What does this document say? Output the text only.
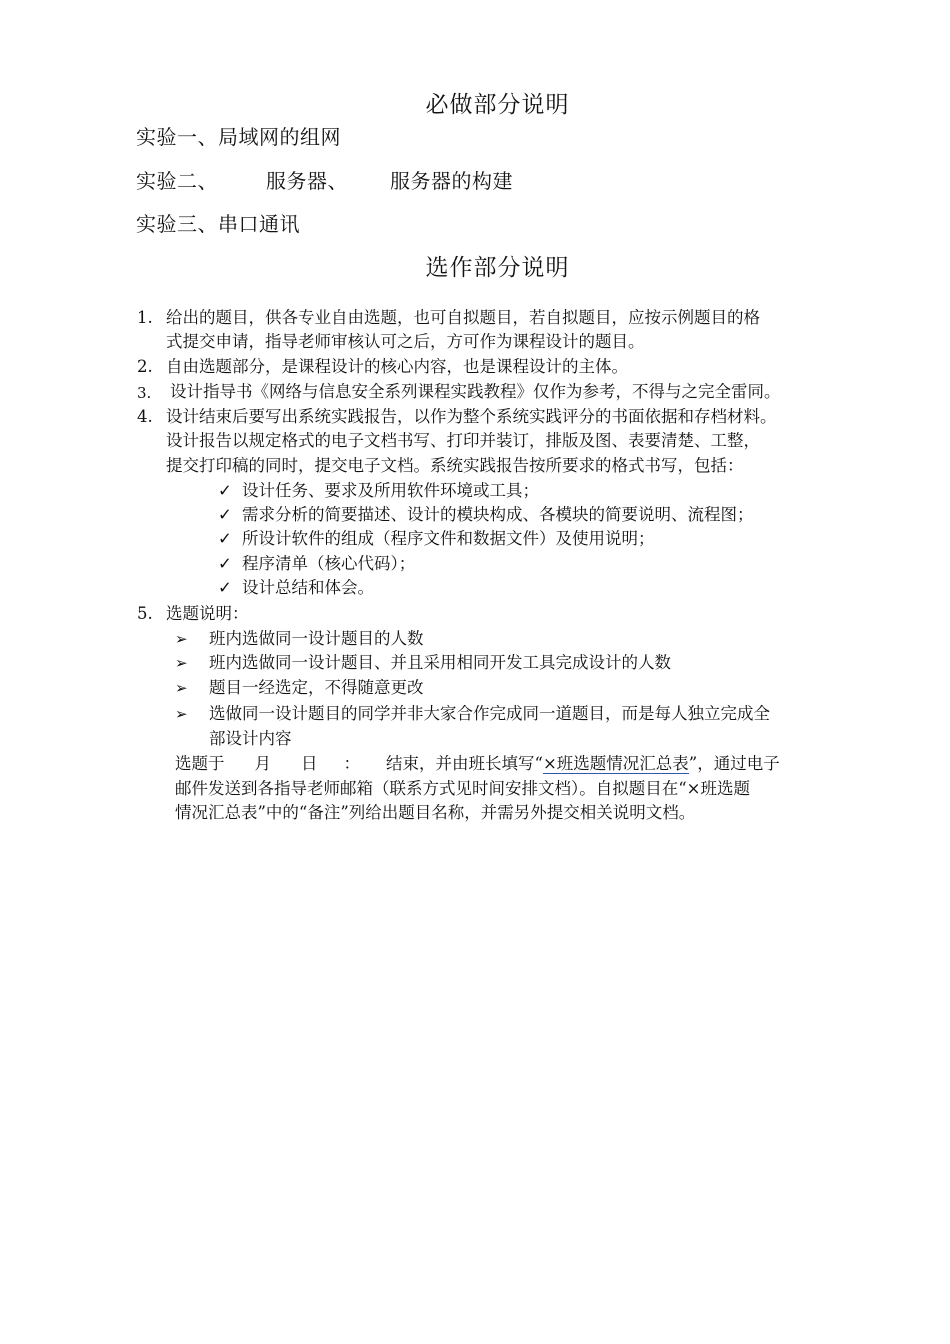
必做部分说明
实验一、局域网的组网
实验二、 服务器、 服务器的构建
实验三、串口通讯
选作部分说明
1. 给出的题目，供各专业自由选题，也可自拟题目，若自拟题目，应按示例题目的格
式提交申请，指导老师审核认可之后，方可作为课程设计的题目。
2. 自由选题部分，是课程设计的核心内容，也是课程设计的主体。
3. 设计指导书《网络与信息安全系列课程实践教程》仅作为参考，不得与之完全雷同。
4. 设计结束后要写出系统实践报告，以作为整个系统实践评分的书面依据和存档材料。
设计报告以规定格式的电子文档书写、打印并装订，排版及图、表要清楚、工整，
提交打印稿的同时，提交电子文档。系统实践报告按所要求的格式书写，包括：
✓ 设计任务、要求及所用软件环境或工具；
✓ 需求分析的简要描述、设计的模块构成、各模块的简要说明、流程图；
✓ 所设计软件的组成（程序文件和数据文件）及使用说明；
✓ 程序清单（核心代码）；
✓ 设计总结和体会。
5. 选题说明：
➢ 班内选做同一设计题目的人数
➢ 班内选做同一设计题目、并且采用相同开发工具完成设计的人数
➢ 题目一经选定，不得随意更改
➢ 选做同一设计题目的同学并非大家合作完成同一道题目，而是每人独立完成全
部设计内容
选题于 月 日 ： 结束，并由班长填写“×班选题情况汇总表”，通过电子
邮件发送到各指导老师邮箱（联系方式见时间安排文档）。自拟题目在“×班选题
情况汇总表”中的“备注”列给出题目名称，并需另外提交相关说明文档。
